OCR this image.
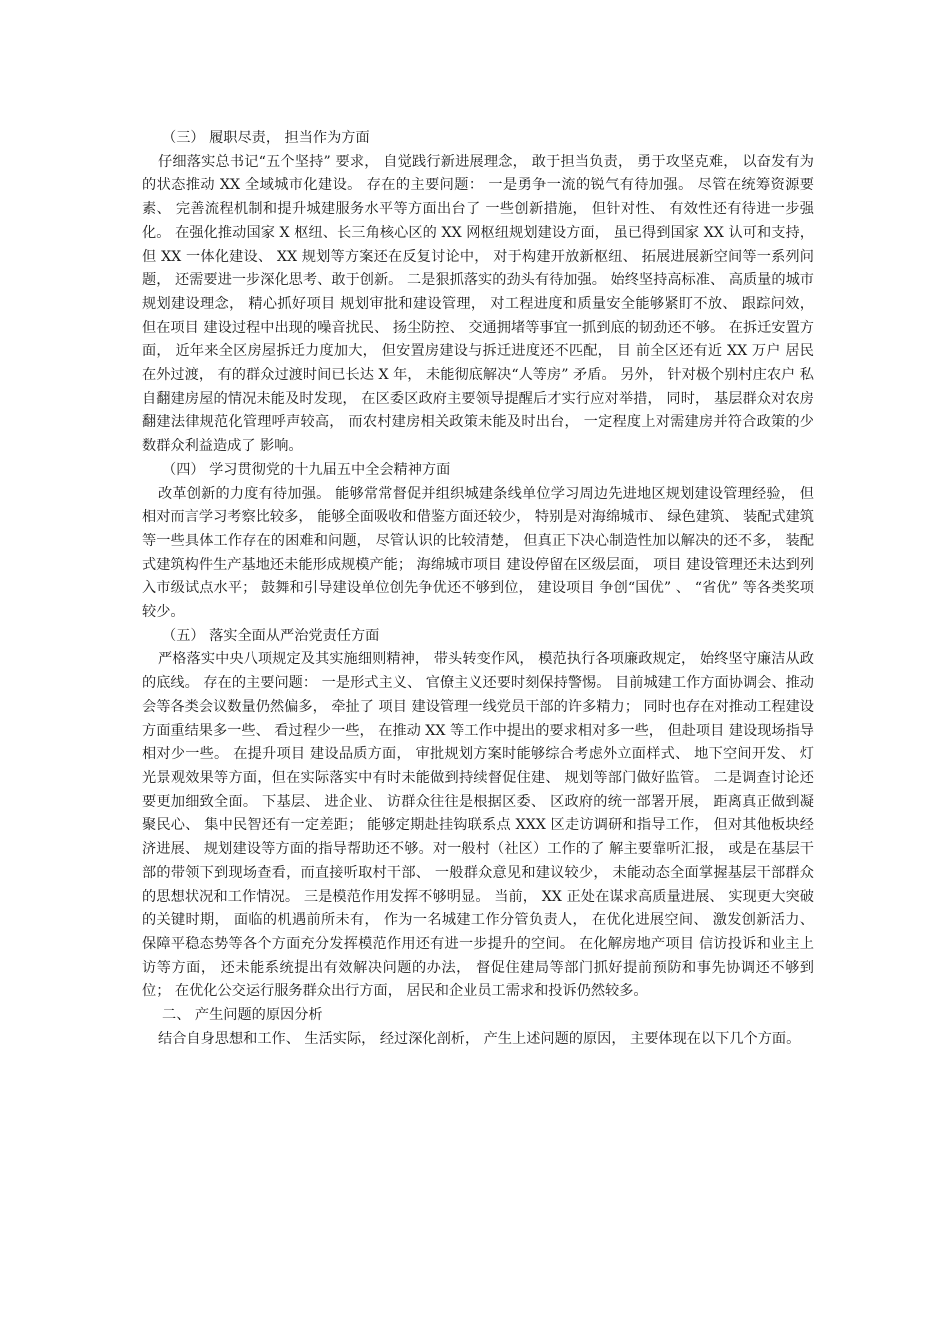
（三） 履职尽责， 担当作为方面

仔细落实总书记“五个坚持” 要求， 自觉践行新进展理念， 敢于担当负责， 勇于攻坚克难， 以奋发有为的状态推动 XX 全域城市化建设。 存在的主要问题： 一是勇争一流的锐气有待加强。 尽管在统筹资源要素、 完善流程机制和提升城建服务水平等方面出台了 一些创新措施， 但针对性、 有效性还有待进一步强化。 在强化推动国家 X 枢纽、长三角核心区的 XX 网枢纽规划建设方面， 虽已得到国家 XX 认可和支持， 但 XX 一体化建设、 XX 规划等方案还在反复讨论中， 对于构建开放新枢纽、 拓展进展新空间等一系列问题， 还需要进一步深化思考、敢于创新。 二是狠抓落实的劲头有待加强。 始终坚持高标准、 高质量的城市规划建设理念， 精心抓好项目 规划审批和建设管理， 对工程进度和质量安全能够紧盯不放、 跟踪问效， 但在项目 建设过程中出现的噪音扰民、 扬尘防控、 交通拥堵等事宜一抓到底的韧劲还不够。 在拆迁安置方面， 近年来全区房屋拆迁力度加大， 但安置房建设与拆迁进度还不匹配， 目 前全区还有近 XX 万户 居民在外过渡， 有的群众过渡时间已长达 X 年， 未能彻底解决“人等房” 矛盾。 另外， 针对极个别村庄农户 私自翻建房屋的情况未能及时发现， 在区委区政府主要领导提醒后才实行应对举措， 同时， 基层群众对农房翻建法律规范化管理呼声较高， 而农村建房相关政策未能及时出台， 一定程度上对需建房并符合政策的少数群众利益造成了 影响。

（四） 学习贯彻党的十九届五中全会精神方面

改革创新的力度有待加强。 能够常常督促并组织城建条线单位学习周边先进地区规划建设管理经验， 但相对而言学习考察比较多， 能够全面吸收和借鉴方面还较少， 特别是对海绵城市、 绿色建筑、 装配式建筑等一些具体工作存在的困难和问题， 尽管认识的比较清楚， 但真正下决心制造性加以解决的还不多， 装配式建筑构件生产基地还未能形成规模产能； 海绵城市项目 建设停留在区级层面， 项目 建设管理还未达到列入市级试点水平； 鼓舞和引导建设单位创先争优还不够到位， 建设项目 争创“国优” 、 “省优” 等各类奖项较少。

（五） 落实全面从严治党责任方面

严格落实中央八项规定及其实施细则精神， 带头转变作风， 模范执行各项廉政规定， 始终坚守廉洁从政的底线。 存在的主要问题： 一是形式主义、 官僚主义还要时刻保持警惕。 目前城建工作方面协调会、推动会等各类会议数量仍然偏多， 牵扯了 项目 建设管理一线党员干部的许多精力； 同时也存在对推动工程建设方面重结果多一些、 看过程少一些， 在推动 XX 等工作中提出的要求相对多一些， 但赴项目 建设现场指导相对少一些。 在提升项目 建设品质方面， 审批规划方案时能够综合考虑外立面样式、 地下空间开发、 灯光景观效果等方面，但在实际落实中有时未能做到持续督促住建、 规划等部门做好监管。 二是调查讨论还要更加细致全面。 下基层、 进企业、 访群众往往是根据区委、 区政府的统一部署开展， 距离真正做到凝聚民心、 集中民智还有一定差距； 能够定期赴挂钩联系点 XXX 区走访调研和指导工作， 但对其他板块经济进展、 规划建设等方面的指导帮助还不够。对一般村（社区）工作的了 解主要靠听汇报， 或是在基层干部的带领下到现场查看，而直接听取村干部、 一般群众意见和建议较少， 未能动态全面掌握基层干部群众的思想状况和工作情况。 三是模范作用发挥不够明显。 当前， XX 正处在谋求高质量进展、 实现更大突破的关键时期， 面临的机遇前所未有， 作为一名城建工作分管负责人， 在优化进展空间、 激发创新活力、 保障平稳态势等各个方面充分发挥模范作用还有进一步提升的空间。 在化解房地产项目 信访投诉和业主上访等方面， 还未能系统提出有效解决问题的办法， 督促住建局等部门抓好提前预防和事先协调还不够到位； 在优化公交运行服务群众出行方面， 居民和企业员工需求和投诉仍然较多。

二、 产生问题的原因分析

结合自身思想和工作、 生活实际， 经过深化剖析， 产生上述问题的原因， 主要体现在以下几个方面。
